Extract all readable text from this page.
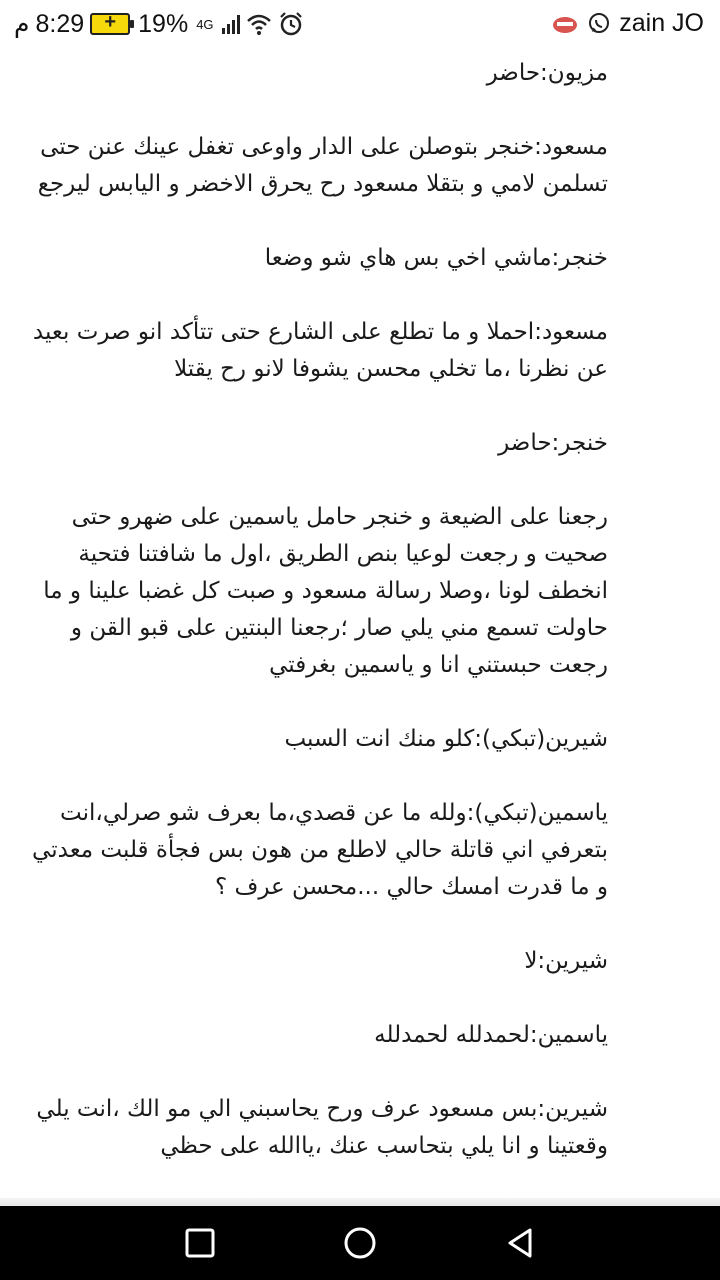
م 8:29	+ 19% 4G	zain JO

مزيون:حاضر

مسعود:خنجر بتوصلن على الدار واوعى تغفل عينك عنن حتى تسلمن لامي و بتقلا مسعود رح يحرق الاخضر و اليابس ليرجع

خنجر:ماشي اخي بس هاي شو وضعا

مسعود:احملا و ما تطلع على الشارع حتى تتأكد انو صرت بعيد عن نظرنا ،ما تخلي محسن يشوفا لانو رح يقتلا

خنجر:حاضر

رجعنا على الضيعة و خنجر حامل ياسمين على ضهرو حتى صحيت و رجعت لوعيا بنص الطريق ،اول ما شافتنا فتحية انخطف لونا ،وصلا رسالة مسعود و صبت كل غضبا علينا و ما حاولت تسمع مني يلي صار ؛رجعنا البنتين على قبو القن و رجعت حبستني انا و ياسمين بغرفتي

شيرين(تبكي):كلو منك انت السبب

ياسمين(تبكي):ولله ما عن قصدي،ما بعرف شو صرلي،انت بتعرفي اني قاتلة حالي لاطلع من هون بس فجأة قلبت معدتي و ما قدرت امسك حالي ...محسن عرف ؟

شيرين:لا

ياسمين:لحمدلله لحمدلله

شيرين:بس مسعود عرف ورح يحاسبني الي مو الك ،انت يلي وقعتينا و انا يلي بتحاسب عنك ،ياالله على حظي
